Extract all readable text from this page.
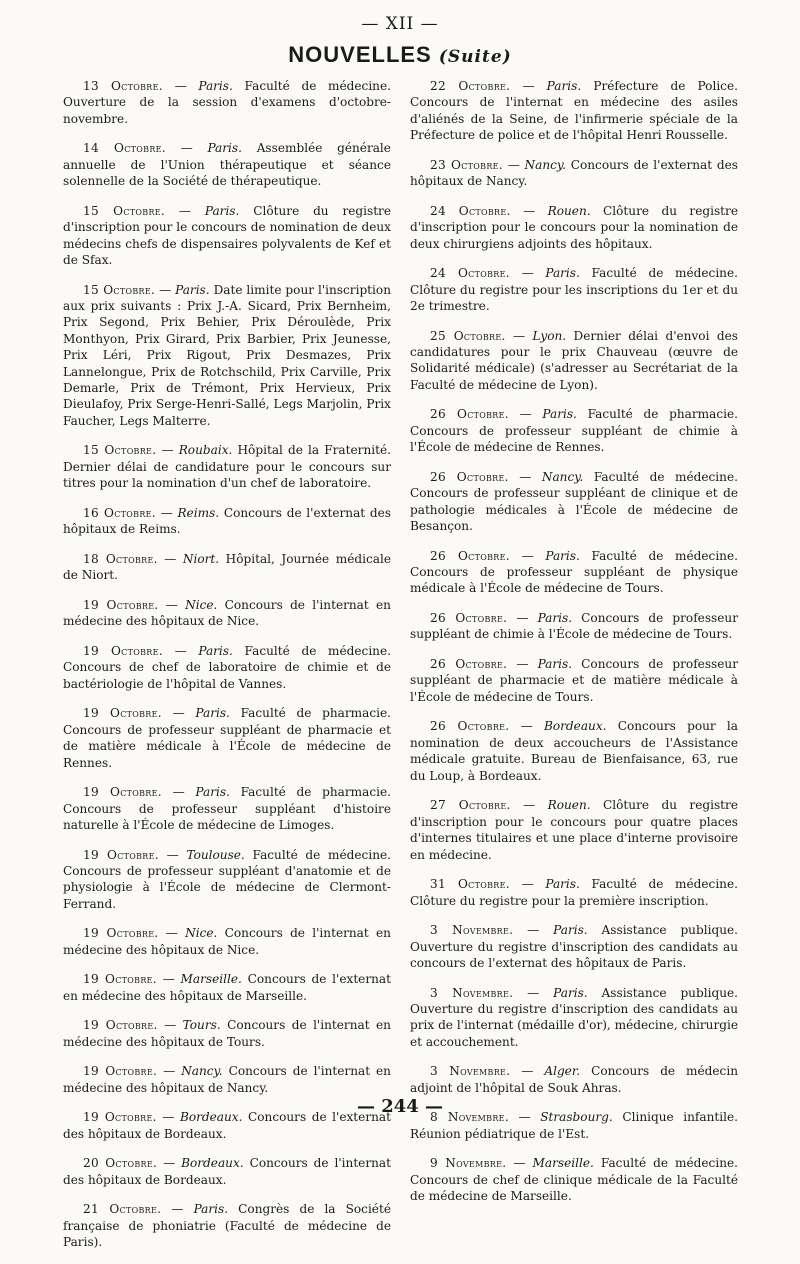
— XII —
NOUVELLES (Suite)

13 Octobre. — Paris. Faculté de médecine. Ouverture de la session d'examens d'octobre-novembre.

14 Octobre. — Paris. Assemblée générale annuelle de l'Union thérapeutique et séance solennelle de la Société de thérapeutique.

15 Octobre. — Paris. Clôture du registre d'inscription pour le concours de nomination de deux médecins chefs de dispensaires polyvalents de Kef et de Sfax.

15 Octobre. — Paris. Date limite pour l'inscription aux prix suivants : Prix J.-A. Sicard, Prix Bernheim, Prix Segond, Prix Behier, Prix Déroulède, Prix Monthyon, Prix Girard, Prix Barbier, Prix Jeunesse, Prix Léri, Prix Rigout, Prix Desmazes, Prix Lannelongue, Prix de Rotchschild, Prix Carville, Prix Demarle, Prix de Trémont, Prix Hervieux, Prix Dieulafoy, Prix Serge-Henri-Sallé, Legs Marjolin, Prix Faucher, Legs Malterre.

15 Octobre. — Roubaix. Hôpital de la Fraternité. Dernier délai de candidature pour le concours sur titres pour la nomination d'un chef de laboratoire.

16 Octobre. — Reims. Concours de l'externat des hôpitaux de Reims.

18 Octobre. — Niort. Hôpital, Journée médicale de Niort.

19 Octobre. — Nice. Concours de l'internat en médecine des hôpitaux de Nice.

19 Octobre. — Paris. Faculté de médecine. Concours de chef de laboratoire de chimie et de bactériologie de l'hôpital de Vannes.

19 Octobre. — Paris. Faculté de pharmacie. Concours de professeur suppléant de pharmacie et de matière médicale à l'École de médecine de Rennes.

19 Octobre. — Paris. Faculté de pharmacie. Concours de professeur suppléant d'histoire naturelle à l'École de médecine de Limoges.

19 Octobre. — Toulouse. Faculté de médecine. Concours de professeur suppléant d'anatomie et de physiologie à l'École de médecine de Clermont-Ferrand.

19 Octobre. — Nice. Concours de l'internat en médecine des hôpitaux de Nice.

19 Octobre. — Marseille. Concours de l'externat en médecine des hôpitaux de Marseille.

19 Octobre. — Tours. Concours de l'internat en médecine des hôpitaux de Tours.

19 Octobre. — Nancy. Concours de l'internat en médecine des hôpitaux de Nancy.

19 Octobre. — Bordeaux. Concours de l'externat des hôpitaux de Bordeaux.

20 Octobre. — Bordeaux. Concours de l'internat des hôpitaux de Bordeaux.

21 Octobre. — Paris. Congrès de la Société française de phoniatrie (Faculté de médecine de Paris).

22 Octobre. — Paris. Préfecture de Police. Concours de l'internat en médecine des asiles d'aliénés de la Seine, de l'infirmerie spéciale de la Préfecture de police et de l'hôpital Henri Rousselle.

23 Octobre. — Nancy. Concours de l'externat des hôpitaux de Nancy.

24 Octobre. — Rouen. Clôture du registre d'inscription pour le concours pour la nomination de deux chirurgiens adjoints des hôpitaux.

24 Octobre. — Paris. Faculté de médecine. Clôture du registre pour les inscriptions du 1er et du 2e trimestre.

25 Octobre. — Lyon. Dernier délai d'envoi des candidatures pour le prix Chauveau (œuvre de Solidarité médicale) (s'adresser au Secrétariat de la Faculté de médecine de Lyon).

26 Octobre. — Paris. Faculté de pharmacie. Concours de professeur suppléant de chimie à l'École de médecine de Rennes.

26 Octobre. — Nancy. Faculté de médecine. Concours de professeur suppléant de clinique et de pathologie médicales à l'École de médecine de Besançon.

26 Octobre. — Paris. Faculté de médecine. Concours de professeur suppléant de physique médicale à l'École de médecine de Tours.

26 Octobre. — Paris. Concours de professeur suppléant de chimie à l'École de médecine de Tours.

26 Octobre. — Paris. Concours de professeur suppléant de pharmacie et de matière médicale à l'École de médecine de Tours.

26 Octobre. — Bordeaux. Concours pour la nomination de deux accoucheurs de l'Assistance médicale gratuite. Bureau de Bienfaisance, 63, rue du Loup, à Bordeaux.

27 Octobre. — Rouen. Clôture du registre d'inscription pour le concours pour quatre places d'internes titulaires et une place d'interne provisoire en médecine.

31 Octobre. — Paris. Faculté de médecine. Clôture du registre pour la première inscription.

3 Novembre. — Paris. Assistance publique. Ouverture du registre d'inscription des candidats au concours de l'externat des hôpitaux de Paris.

3 Novembre. — Paris. Assistance publique. Ouverture du registre d'inscription des candidats au prix de l'internat (médaille d'or), médecine, chirurgie et accouchement.

3 Novembre. — Alger. Concours de médecin adjoint de l'hôpital de Souk Ahras.

8 Novembre. — Strasbourg. Clinique infantile. Réunion pédiatrique de l'Est.

9 Novembre. — Marseille. Faculté de médecine. Concours de chef de clinique médicale de la Faculté de médecine de Marseille.

— 244 —
